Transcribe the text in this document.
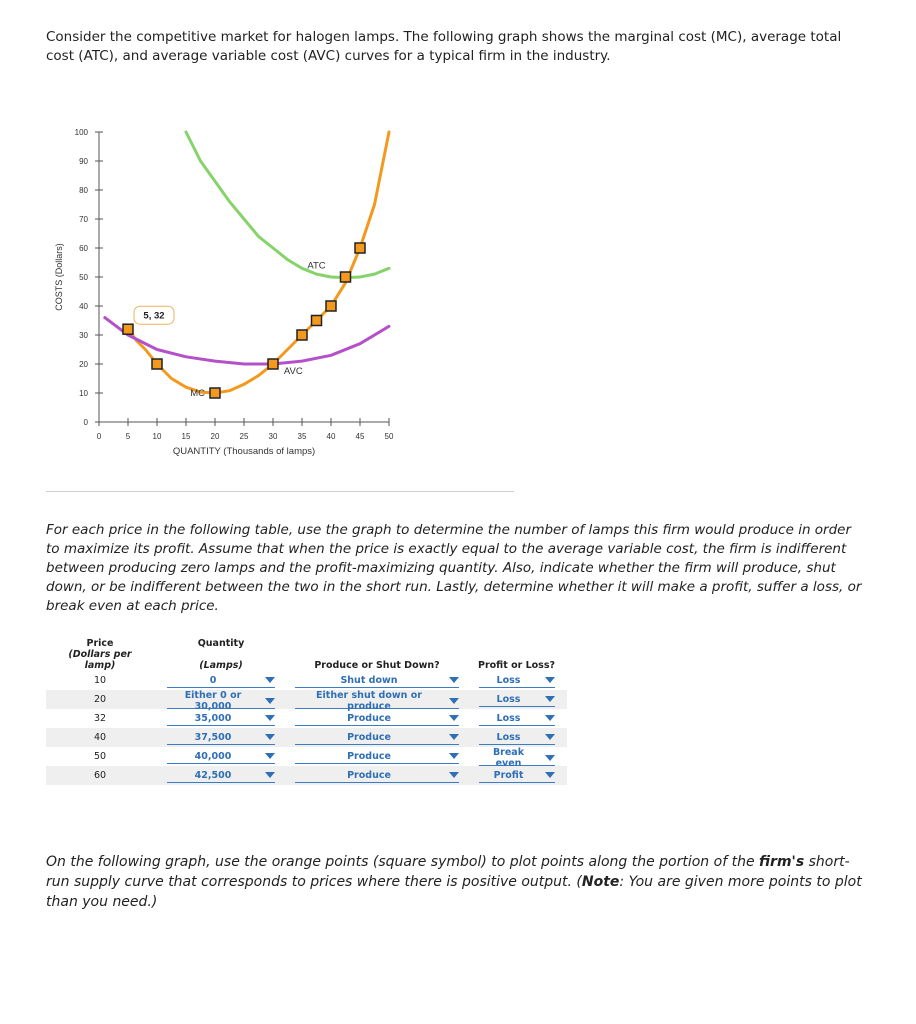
Consider the competitive market for halogen lamps. The following graph shows the marginal cost (MC), average total cost (ATC), and average variable cost (AVC) curves for a typical firm in the industry.

0
10
20
30
40
50
60
70
80
90
100
0	5	10	15	20	25	30	35	40	45	50
QUANTITY (Thousands of lamps)
COSTS (Dollars)	ATC
AVC
MC
5, 32

For each price in the following table, use the graph to determine the number of lamps this firm would produce in order to maximize its profit. Assume that when the price is exactly equal to the average variable cost, the firm is indifferent between producing zero lamps and the profit-maximizing quantity. Also, indicate whether the firm will produce, shut down, or be indifferent between the two in the short run. Lastly, determine whether it will make a profit, suffer a loss, or break even at each price.

Price	Quantity		
(Dollars per lamp)	(Lamps)	Produce or Shut Down?	Profit or Loss?
10	0	Shut down	Loss

20	Either 0 or 30,000	Either shut down or produce	Loss

32	35,000	Produce	Loss

40	37,500	Produce	Loss

50	40,000	Produce	Break even

60	42,500	Produce	Profit

On the following graph, use the orange points (square symbol) to plot points along the portion of the firm's short-run supply curve that corresponds to prices where there is positive output. (Note: You are given more points to plot than you need.)
